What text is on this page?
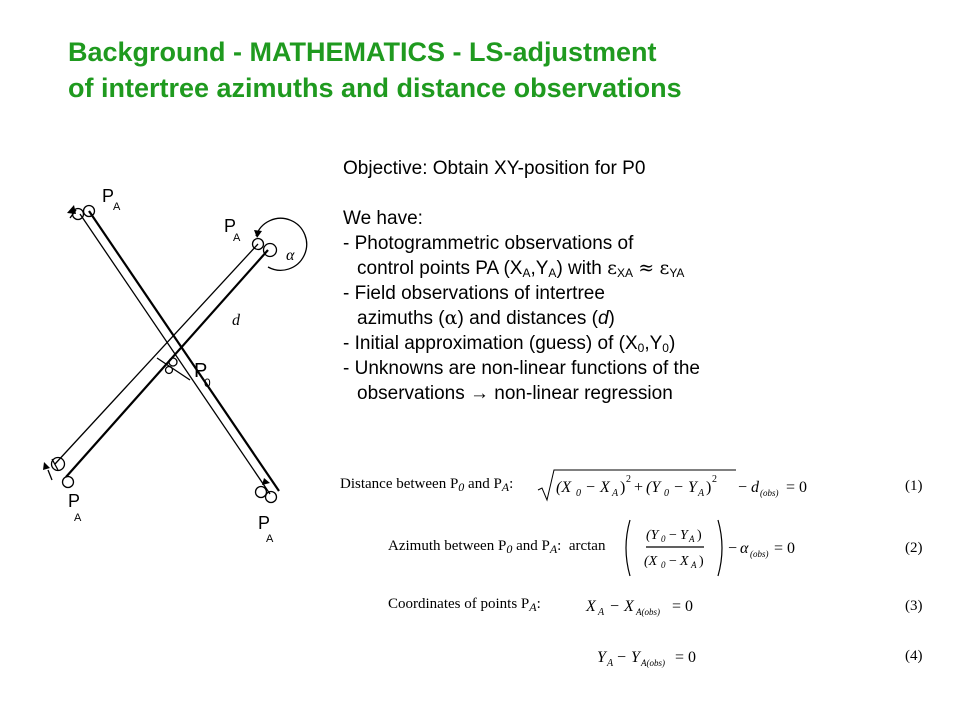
Background - MATHEMATICS - LS-adjustment
of intertree azimuths and distance observations
P
A
P
A
P
0
P
A	P
A
α
d
Objective: Obtain XY-position for P0
We have:
- Photogrammetric observations of
control points PA $(X_A,Y_A)$ with $\varepsilon_{XA} \approx \varepsilon_{YA}$
- Field observations of intertree
azimuths (α) and distances (d)
- Initial approximation (guess) of $(X_0,Y_0)$
- Unknowns are non-linear functions of the
observations → non-linear regression
Distance between $P_0$ and $P_A$:	(X 0 − X A ) 2 + (Y 0 − Y A ) 2 − d (obs) = 0	(1)
Azimuth between $P_0$ and $P_A$:  arctan
(Y 0 − Y A )
(X 0 − X A )
− α (obs) = 0	(2)
Coordinates of points $P_A$:	X A − X A(obs) = 0	(3)
Y A − Y A(obs) = 0	(4)
